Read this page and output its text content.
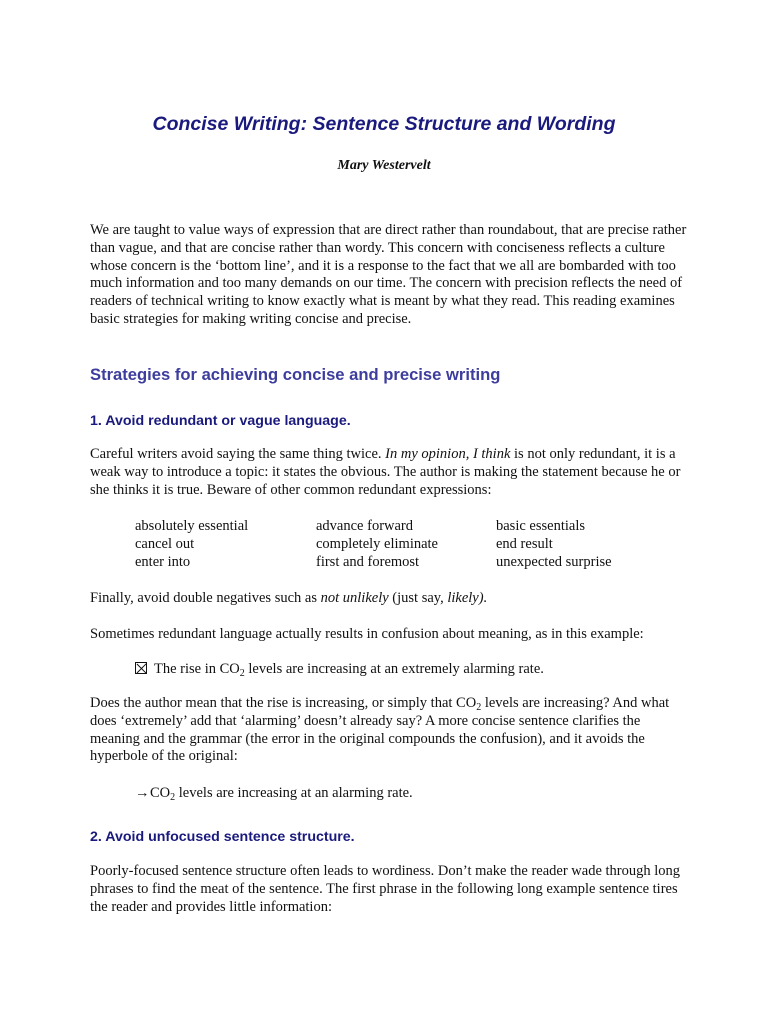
Concise Writing: Sentence Structure and Wording
Mary Westervelt

We are taught to value ways of expression that are direct rather than roundabout, that are precise rather than vague, and that are concise rather than wordy. This concern with conciseness reflects a culture whose concern is the ‘bottom line’, and it is a response to the fact that we all are bombarded with too much information and too many demands on our time. The concern with precision reflects the need of readers of technical writing to know exactly what is meant by what they read. This reading examines basic strategies for making writing concise and precise.

Strategies for achieving concise and precise writing
1. Avoid redundant or vague language.

Careful writers avoid saying the same thing twice. In my opinion, I think is not only redundant, it is a weak way to introduce a topic: it states the obvious. The author is making the statement because he or she thinks it is true. Beware of other common redundant expressions:

absolutely essential	advance forward	basic essentials
cancel out	completely eliminate	end result
enter into	first and foremost	unexpected surprise

Finally, avoid double negatives such as not unlikely (just say, likely).

Sometimes redundant language actually results in confusion about meaning, as in this example:

The rise in $CO_2$ levels are increasing at an extremely alarming rate.

Does the author mean that the rise is increasing, or simply that $CO_2$ levels are increasing? And what does ‘extremely’ add that ‘alarming’ doesn’t already say? A more concise sentence clarifies the meaning and the grammar (the error in the original compounds the confusion), and it avoids the hyperbole of the original:

$\to CO_2$ levels are increasing at an alarming rate.

2. Avoid unfocused sentence structure.

Poorly-focused sentence structure often leads to wordiness. Don’t make the reader wade through long phrases to find the meat of the sentence. The first phrase in the following long example sentence tires the reader and provides little information:
